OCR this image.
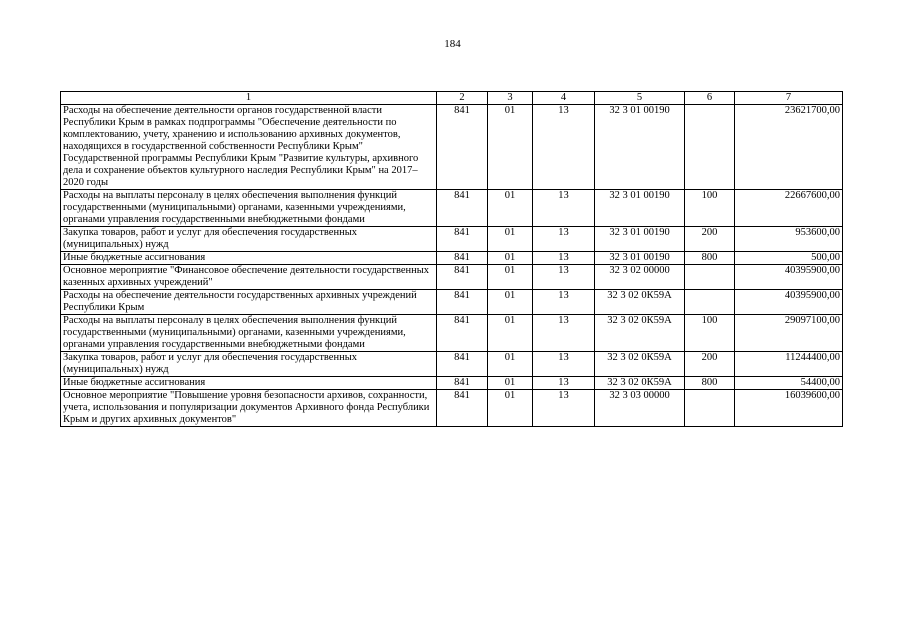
184
1	2	3	4	5	6	7
Расходы на обеспечение деятельности органов государственной власти Республики Крым в рамках подпрограммы "Обеспечение деятельности по комплектованию, учету, хранению и использованию архивных документов, находящихся в государственной собственности Республики Крым" Государственной программы Республики Крым "Развитие культуры, архивного дела и сохранение объектов культурного наследия Республики Крым" на 2017–2020 годы	841	01	13	32 3 01 00190		23621700,00
Расходы на выплаты персоналу в целях обеспечения выполнения функций государственными (муниципальными) органами, казенными учреждениями, органами управления государственными внебюджетными фондами	841	01	13	32 3 01 00190	100	22667600,00
Закупка товаров, работ и услуг для обеспечения государственных (муниципальных) нужд	841	01	13	32 3 01 00190	200	953600,00
Иные бюджетные ассигнования	841	01	13	32 3 01 00190	800	500,00
Основное мероприятие "Финансовое обеспечение деятельности государственных казенных архивных учреждений"	841	01	13	32 3 02 00000		40395900,00
Расходы на обеспечение деятельности государственных архивных учреждений Республики Крым	841	01	13	32 3 02 0К59А		40395900,00
Расходы на выплаты персоналу в целях обеспечения выполнения функций государственными (муниципальными) органами, казенными учреждениями, органами управления государственными внебюджетными фондами	841	01	13	32 3 02 0К59А	100	29097100,00
Закупка товаров, работ и услуг для обеспечения государственных (муниципальных) нужд	841	01	13	32 3 02 0К59А	200	11244400,00
Иные бюджетные ассигнования	841	01	13	32 3 02 0К59А	800	54400,00
Основное мероприятие "Повышение уровня безопасности архивов, сохранности, учета, использования и популяризации документов Архивного фонда Республики Крым и других архивных документов"	841	01	13	32 3 03 00000		16039600,00
